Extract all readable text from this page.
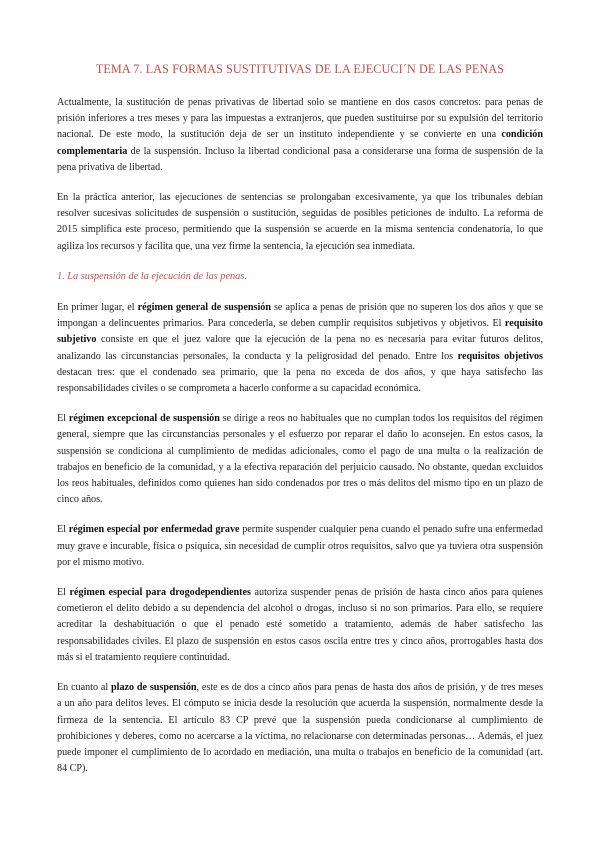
TEMA 7. LAS FORMAS SUSTITUTIVAS DE LA EJECUCI´N DE LAS PENAS

Actualmente, la sustitución de penas privativas de libertad solo se mantiene en dos casos concretos: para penas de prisión inferiores a tres meses y para las impuestas a extranjeros, que pueden sustituirse por su expulsión del territorio nacional. De este modo, la sustitución deja de ser un instituto independiente y se convierte en una condición complementaria de la suspensión. Incluso la libertad condicional pasa a considerarse una forma de suspensión de la pena privativa de libertad.

En la práctica anterior, las ejecuciones de sentencias se prolongaban excesivamente, ya que los tribunales debían resolver sucesivas solicitudes de suspensión o sustitución, seguidas de posibles peticiones de indulto. La reforma de 2015 simplifica este proceso, permitiendo que la suspensión se acuerde en la misma sentencia condenatoria, lo que agiliza los recursos y facilita que, una vez firme la sentencia, la ejecución sea inmediata.

1. La suspensión de la ejecución de las penas.

En primer lugar, el régimen general de suspensión se aplica a penas de prisión que no superen los dos años y que se impongan a delincuentes primarios. Para concederla, se deben cumplir requisitos subjetivos y objetivos. El requisito subjetivo consiste en que el juez valore que la ejecución de la pena no es necesaria para evitar futuros delitos, analizando las circunstancias personales, la conducta y la peligrosidad del penado. Entre los requisitos objetivos destacan tres: que el condenado sea primario, que la pena no exceda de dos años, y que haya satisfecho las responsabilidades civiles o se comprometa a hacerlo conforme a su capacidad económica.

El régimen excepcional de suspensión se dirige a reos no habituales que no cumplan todos los requisitos del régimen general, siempre que las circunstancias personales y el esfuerzo por reparar el daño lo aconsejen. En estos casos, la suspensión se condiciona al cumplimiento de medidas adicionales, como el pago de una multa o la realización de trabajos en beneficio de la comunidad, y a la efectiva reparación del perjuicio causado. No obstante, quedan excluidos los reos habituales, definidos como quienes han sido condenados por tres o más delitos del mismo tipo en un plazo de cinco años.

El régimen especial por enfermedad grave permite suspender cualquier pena cuando el penado sufre una enfermedad muy grave e incurable, física o psíquica, sin necesidad de cumplir otros requisitos, salvo que ya tuviera otra suspensión por el mismo motivo.

El régimen especial para drogodependientes autoriza suspender penas de prisión de hasta cinco años para quienes cometieron el delito debido a su dependencia del alcohol o drogas, incluso si no son primarios. Para ello, se requiere acreditar la deshabituación o que el penado esté sometido a tratamiento, además de haber satisfecho las responsabilidades civiles. El plazo de suspensión en estos casos oscila entre tres y cinco años, prorrogables hasta dos más si el tratamiento requiere continuidad.

En cuanto al plazo de suspensión, este es de dos a cinco años para penas de hasta dos años de prisión, y de tres meses a un año para delitos leves. El cómputo se inicia desde la resolución que acuerda la suspensión, normalmente desde la firmeza de la sentencia. El artículo 83 CP prevé que la suspensión pueda condicionarse al cumplimiento de prohibiciones y deberes, como no acercarse a la víctima, no relacionarse con determinadas personas… Además, el juez puede imponer el cumplimiento de lo acordado en mediación, una multa o trabajos en beneficio de la comunidad (art. 84 CP).
